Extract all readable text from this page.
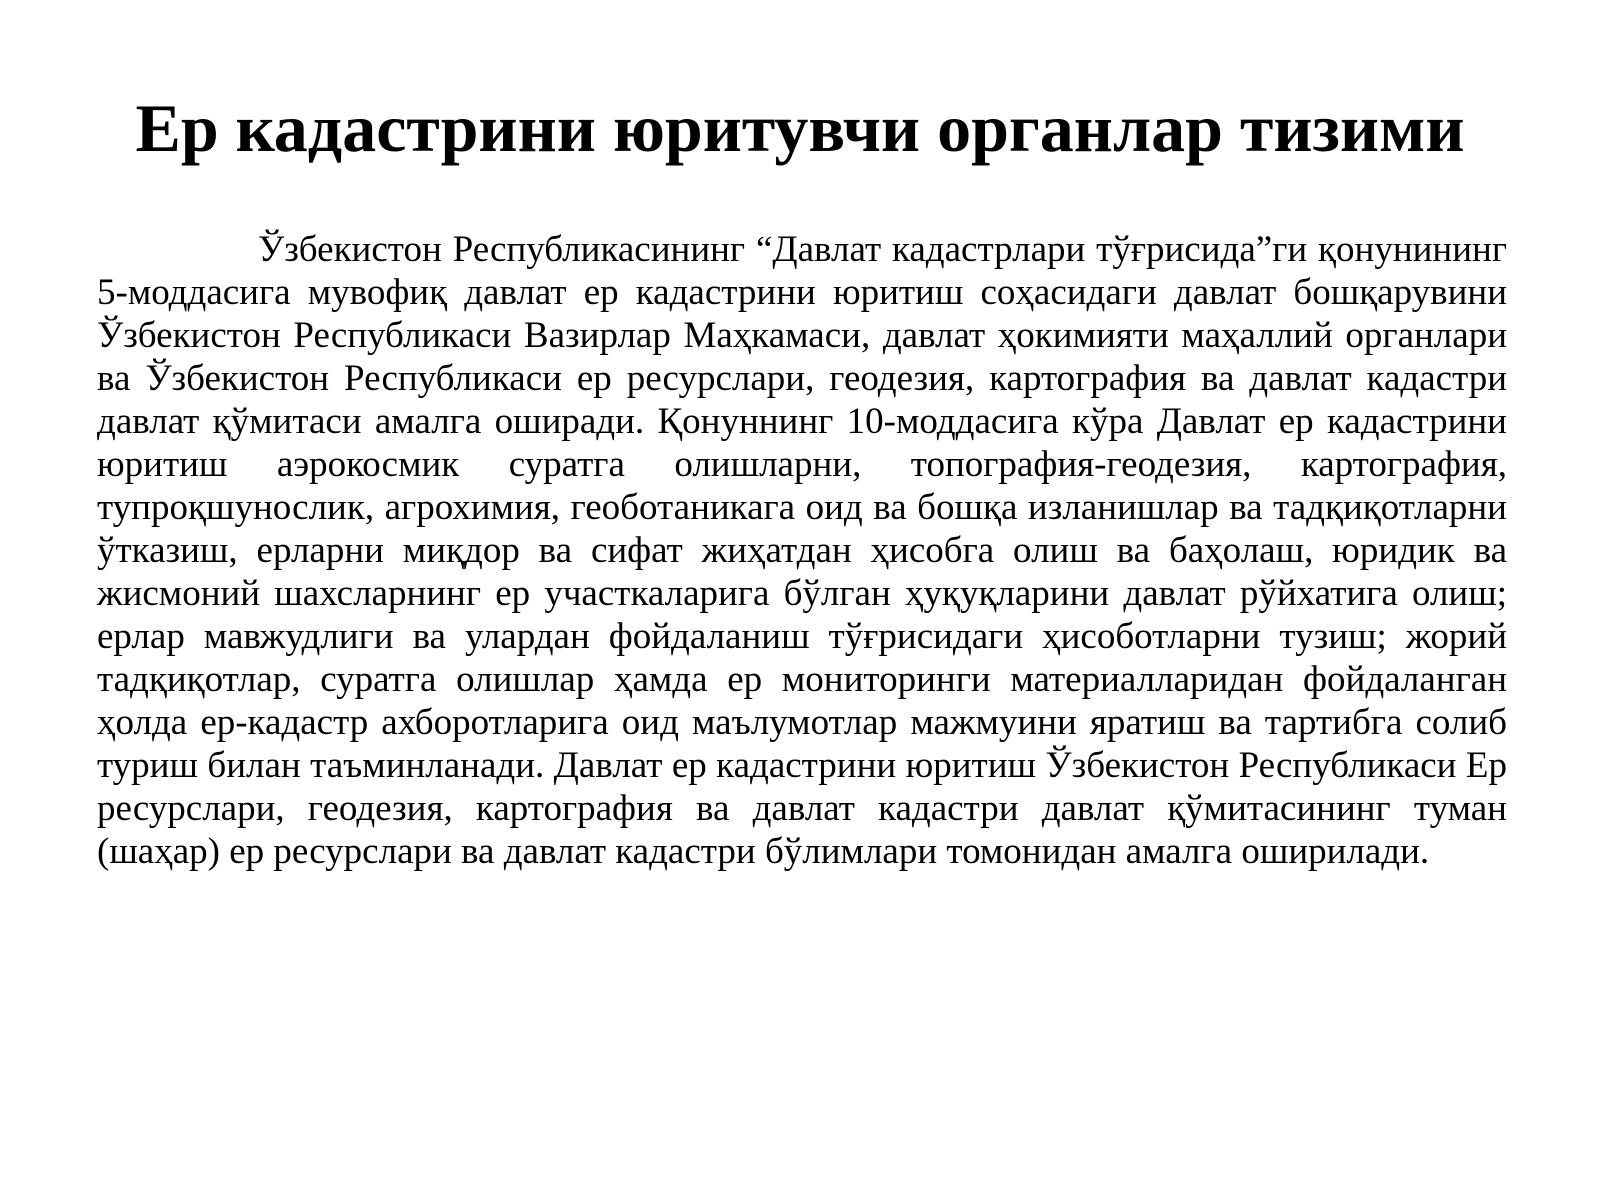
Ер кадастрини юритувчи органлар тизими

Ўзбекистон Республикасининг “Давлат кадастрлари тўғрисида”ги қонунининг 5-моддасига мувофиқ давлат ер кадастрини юритиш соҳасидаги давлат бошқарувини Ўзбекистон Республикаси Вазирлар Маҳкамаси, давлат ҳокимияти маҳаллий органлари ва Ўзбекистон Республикаси ер ресурслари, геодезия, картография ва давлат кадастри давлат қўмитаси амалга оширади. Қонуннинг 10-моддасига кўра Давлат ер кадастрини юритиш аэрокосмик суратга олишларни, топография-геодезия, картография, тупроқшунослик, агрохимия, геоботаникага оид ва бошқа изланишлар ва тадқиқотларни ўтказиш, ерларни миқдор ва сифат жиҳатдан ҳисобга олиш ва баҳолаш, юридик ва жисмоний шахсларнинг ер участкаларига бўлган ҳуқуқларини давлат рўйхатига олиш; ерлар мавжудлиги ва улардан фойдаланиш тўғрисидаги ҳисоботларни тузиш; жорий тадқиқотлар, суратга олишлар ҳамда ер мониторинги материалларидан фойдаланган ҳолда ер-кадастр ахборотларига оид маълумотлар мажмуини яратиш ва тартибга солиб туриш билан таъминланади. Давлат ер кадастрини юритиш Ўзбекистон Республикаси Ер ресурслари, геодезия, картография ва давлат кадастри давлат қўмитасининг туман (шаҳар) ер ресурслари ва давлат кадастри бўлимлари томонидан амалга оширилади.
